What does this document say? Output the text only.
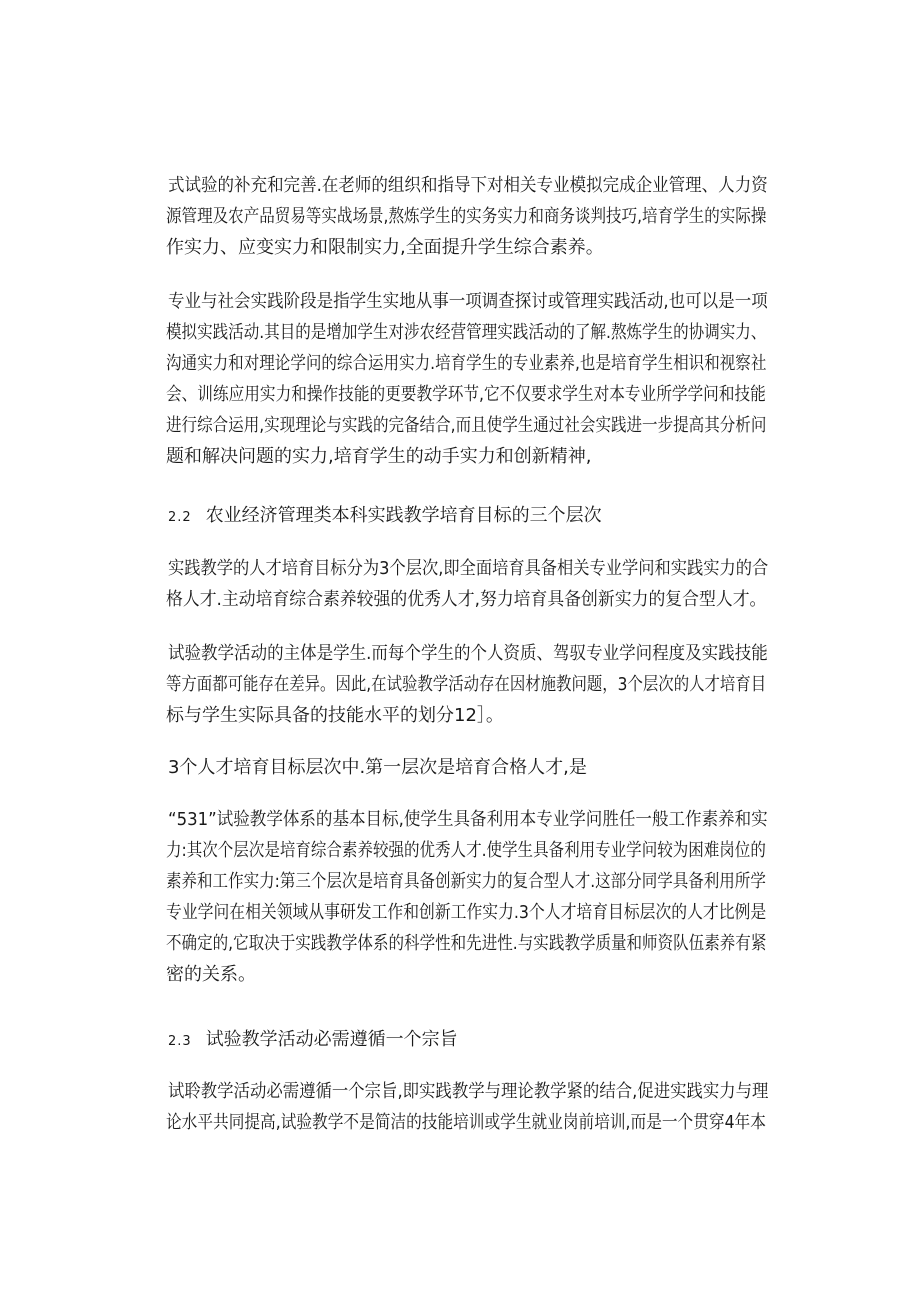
式试验的补充和完善.在老师的组织和指导下对相关专业模拟完成企业管理、人力资
源管理及农产品贸易等实战场景,熬炼学生的实务实力和商务谈判技巧,培育学生的实际操
作实力、应变实力和限制实力,全面提升学生综合素养。
专业与社会实践阶段是指学生实地从事一项调查探讨或管理实践活动,也可以是一项
模拟实践活动.其目的是增加学生对涉农经营管理实践活动的了解.熬炼学生的协调实力、
沟通实力和对理论学问的综合运用实力.培育学生的专业素养,也是培育学生相识和视察社
会、训练应用实力和操作技能的更要教学环节,它不仅要求学生对本专业所学学问和技能
进行综合运用,实现理论与实践的完备结合,而且使学生通过社会实践进一步提高其分析问
题和解决问题的实力,培育学生的动手实力和创新精神,
2.2 农业经济管理类本科实践教学培育目标的三个层次
实践教学的人才培育目标分为3个层次,即全面培育具备相关专业学问和实践实力的合
格人才.主动培育综合素养较强的优秀人才,努力培育具备创新实力的复合型人才。
试验教学活动的主体是学生.而每个学生的个人资质、驾驭专业学问程度及实践技能
等方面都可能存在差异。因此,在试验教学活动存在因材施教问题，3个层次的人才培育目
标与学生实际具备的技能水平的划分12］。
3个人才培育目标层次中.第一层次是培育合格人才,是
“531”试验教学体系的基本目标,使学生具备利用本专业学问胜任一般工作素养和实
力:其次个层次是培育综合素养较强的优秀人才.使学生具备利用专业学问较为困难岗位的
素养和工作实力:第三个层次是培育具备创新实力的复合型人才.这部分同学具备利用所学
专业学问在相关领域从事研发工作和创新工作实力.3个人才培育目标层次的人才比例是
不确定的,它取决于实践教学体系的科学性和先进性.与实践教学质量和师资队伍素养有紧
密的关系。
2.3 试验教学活动必需遵循一个宗旨
试聆教学活动必需遵循一个宗旨,即实践教学与理论教学紧的结合,促进实践实力与理
论水平共同提高,试验教学不是简洁的技能培训或学生就业岗前培训,而是一个贯穿4年本
